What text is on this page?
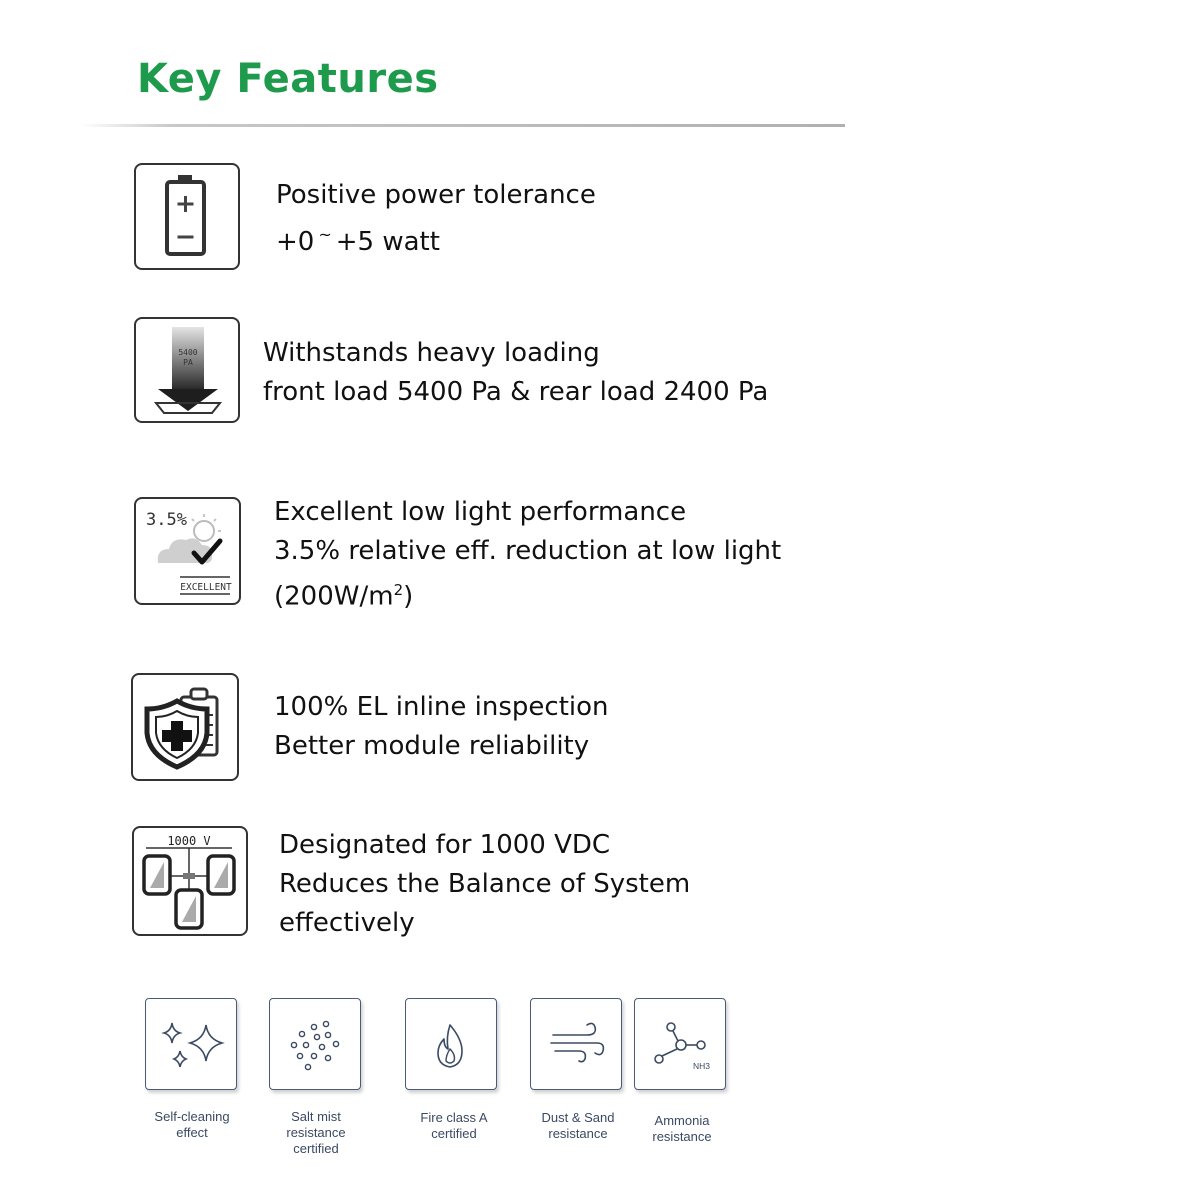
Key Features
Positive power tolerance
+0 ~ +5 watt
5400
PA	Withstands heavy loading
front load 5400 Pa & rear load 2400 Pa
3.5%
EXCELLENT
Excellent low light performance
3.5% relative eff. reduction at low light
$(200W/m^2)$
100% EL inline inspection
Better module reliability
1000 V	Designated for 1000 VDC
Reduces the Balance of System
effectively
Self-cleaning
effect
Salt mist
resistance
certified
Fire class A
certified
Dust & Sand
resistance
NH3
Ammonia
resistance
